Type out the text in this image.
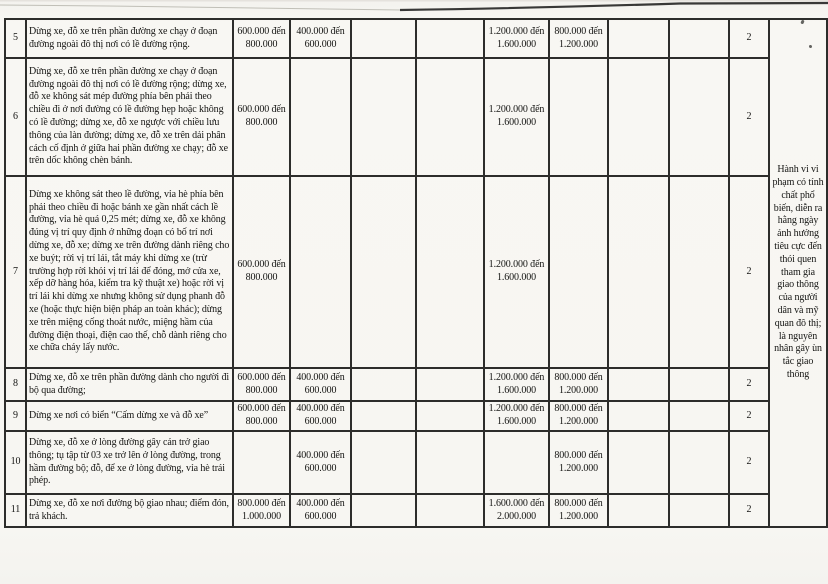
5	Dừng xe, đỗ xe trên phần đường xe chạy ở đoạn đường ngoài đô thị nơi có lề đường rộng.	600.000 đến 800.000	400.000 đến 600.000			1.200.000 đến 1.600.000	800.000 đến 1.200.000			2	Hành vi vi phạm có tính chất phổ biến, diễn ra hằng ngày ảnh hưởng tiêu cực đến thói quen tham gia giao thông của người dân và mỹ quan đô thị; là nguyên nhân gây ùn tắc giao thông
6	Dừng xe, đỗ xe trên phần đường xe chạy ở đoạn đường ngoài đô thị nơi có lề đường rộng; dừng xe, đỗ xe không sát mép đường phía bên phải theo chiều đi ở nơi đường có lề đường hẹp hoặc không có lề đường; dừng xe, đỗ xe ngược với chiều lưu thông của làn đường; dừng xe, đỗ xe trên dải phân cách cố định ở giữa hai phần đường xe chạy; đỗ xe trên dốc không chèn bánh.	600.000 đến 800.000				1.200.000 đến 1.600.000				2	
7	Dừng xe không sát theo lề đường, vỉa hè phía bên phải theo chiều đi hoặc bánh xe gần nhất cách lề đường, vỉa hè quá 0,25 mét; dừng xe, đỗ xe không đúng vị trí quy định ở những đoạn có bố trí nơi dừng xe, đỗ xe; dừng xe trên đường dành riêng cho xe buýt; rời vị trí lái, tắt máy khi dừng xe (trừ trường hợp rời khỏi vị trí lái để đóng, mở cửa xe, xếp dỡ hàng hóa, kiểm tra kỹ thuật xe) hoặc rời vị trí lái khi dừng xe nhưng không sử dụng phanh đỗ xe (hoặc thực hiện biện pháp an toàn khác); dừng xe trên miệng cống thoát nước, miệng hầm của đường điện thoại, điện cao thế, chỗ dành riêng cho xe chữa cháy lấy nước.	600.000 đến 800.000				1.200.000 đến 1.600.000				2	
8	Dừng xe, đỗ xe trên phần đường dành cho người đi bộ qua đường;	600.000 đến 800.000	400.000 đến 600.000			1.200.000 đến 1.600.000	800.000 đến 1.200.000			2	
9	Dừng xe nơi có biển “Cấm dừng xe và đỗ xe”	600.000 đến 800.000	400.000 đến 600.000			1.200.000 đến 1.600.000	800.000 đến 1.200.000			2	
10	Dừng xe, đỗ xe ở lòng đường gây cản trở giao thông; tụ tập từ 03 xe trở lên ở lòng đường, trong hầm đường bộ; đỗ, để xe ở lòng đường, vỉa hè trái phép.		400.000 đến 600.000				800.000 đến 1.200.000			2	
11	Dừng xe, đỗ xe nơi đường bộ giao nhau; điểm đón, trả khách.	800.000 đến 1.000.000	400.000 đến 600.000			1.600.000 đến 2.000.000	800.000 đến 1.200.000			2	
